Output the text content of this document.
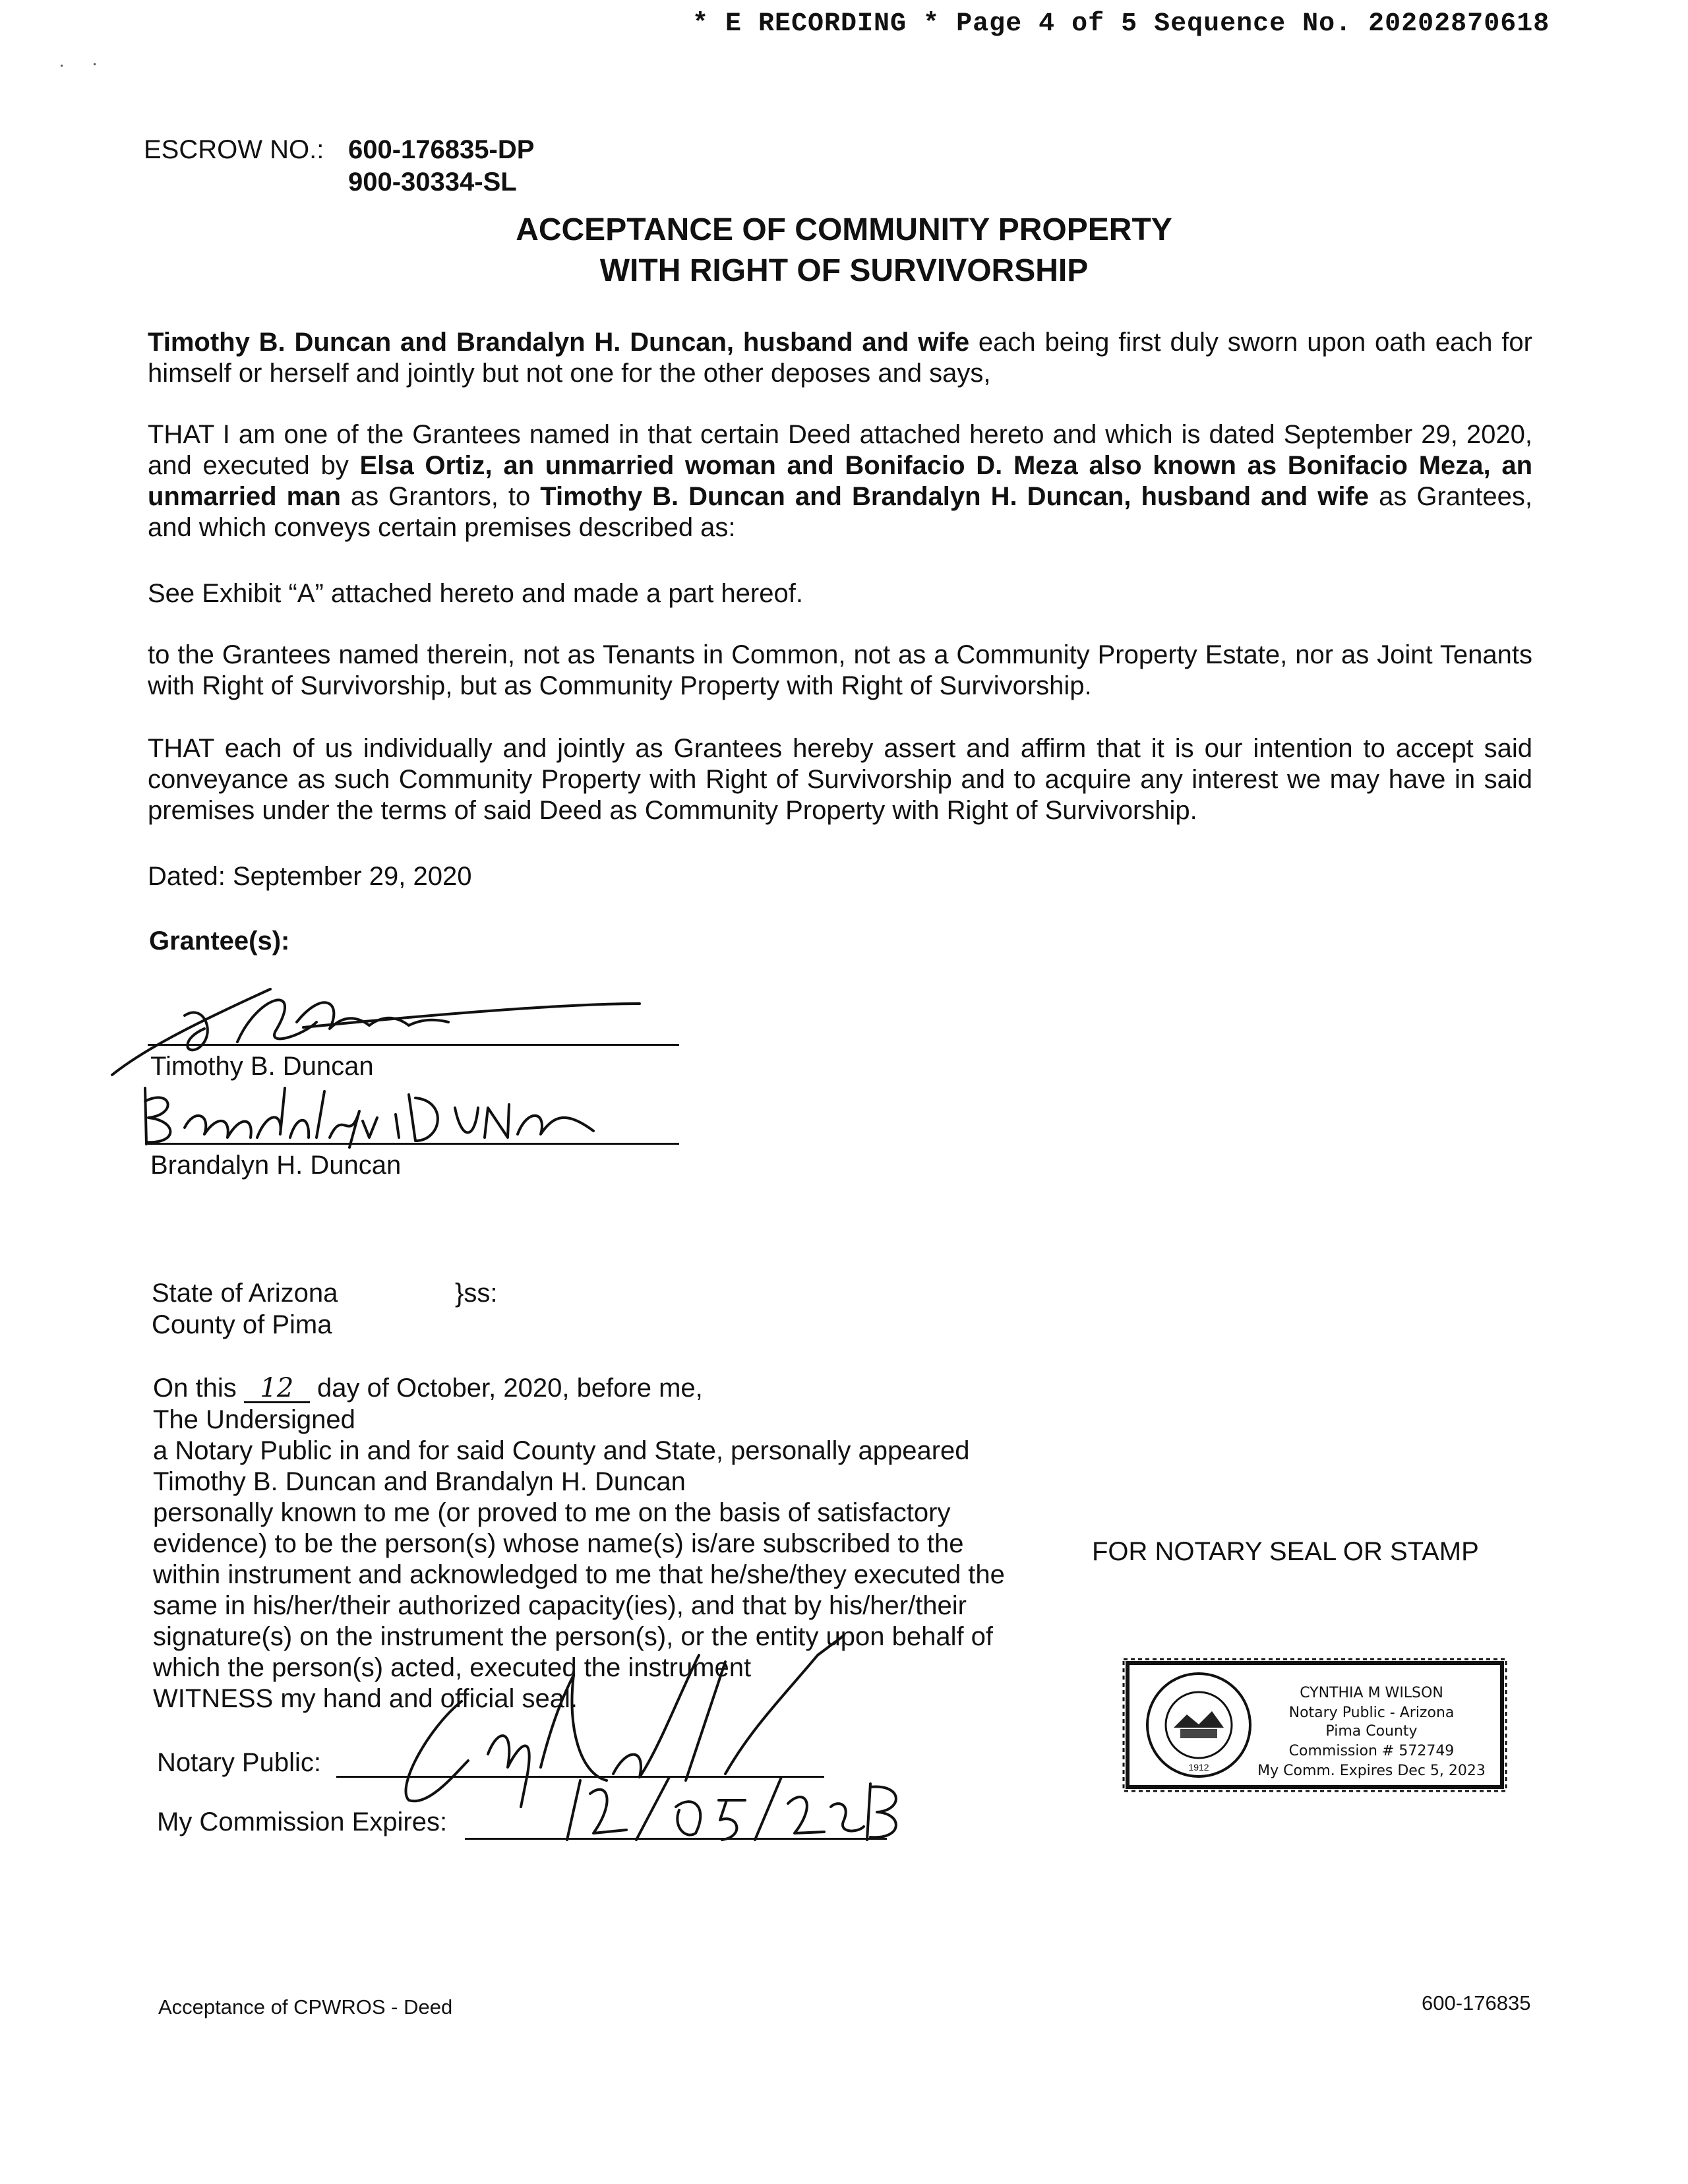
* E RECORDING * Page 4 of 5 Sequence No. 20202870618
ESCROW NO.: 600-176835-DP
900-30334-SL
ACCEPTANCE OF COMMUNITY PROPERTY
WITH RIGHT OF SURVIVORSHIP
Timothy B. Duncan and Brandalyn H. Duncan, husband and wife each being first duly sworn upon oath each for himself or herself and jointly but not one for the other deposes and says,
THAT I am one of the Grantees named in that certain Deed attached hereto and which is dated September 29, 2020, and executed by Elsa Ortiz, an unmarried woman and Bonifacio D. Meza also known as Bonifacio Meza, an unmarried man as Grantors, to Timothy B. Duncan and Brandalyn H. Duncan, husband and wife as Grantees, and which conveys certain premises described as:
See Exhibit “A” attached hereto and made a part hereof.
to the Grantees named therein, not as Tenants in Common, not as a Community Property Estate, nor as Joint Tenants with Right of Survivorship, but as Community Property with Right of Survivorship.
THAT each of us individually and jointly as Grantees hereby assert and affirm that it is our intention to accept said conveyance as such Community Property with Right of Survivorship and to acquire any interest we may have in said premises under the terms of said Deed as Community Property with Right of Survivorship.
Dated: September 29, 2020
Grantee(s):
Timothy B. Duncan
Brandalyn H. Duncan
State of Arizona	}ss:
County of Pima
On this 12 day of October, 2020, before me,
The Undersigned
a Notary Public in and for said County and State, personally appeared
Timothy B. Duncan and Brandalyn H. Duncan
personally known to me (or proved to me on the basis of satisfactory
evidence) to be the person(s) whose name(s) is/are subscribed to the
within instrument and acknowledged to me that he/she/they executed the
same in his/her/their authorized capacity(ies), and that by his/her/their
signature(s) on the instrument the person(s), or the entity upon behalf of
which the person(s) acted, executed the instrument
WITNESS my hand and official seal.
Notary Public:
My Commission Expires:
FOR NOTARY SEAL OR STAMP
1912
CYNTHIA M WILSON
Notary Public - Arizona
Pima County
Commission # 572749
My Comm. Expires Dec 5, 2023
Acceptance of CPWROS - Deed	600-176835
